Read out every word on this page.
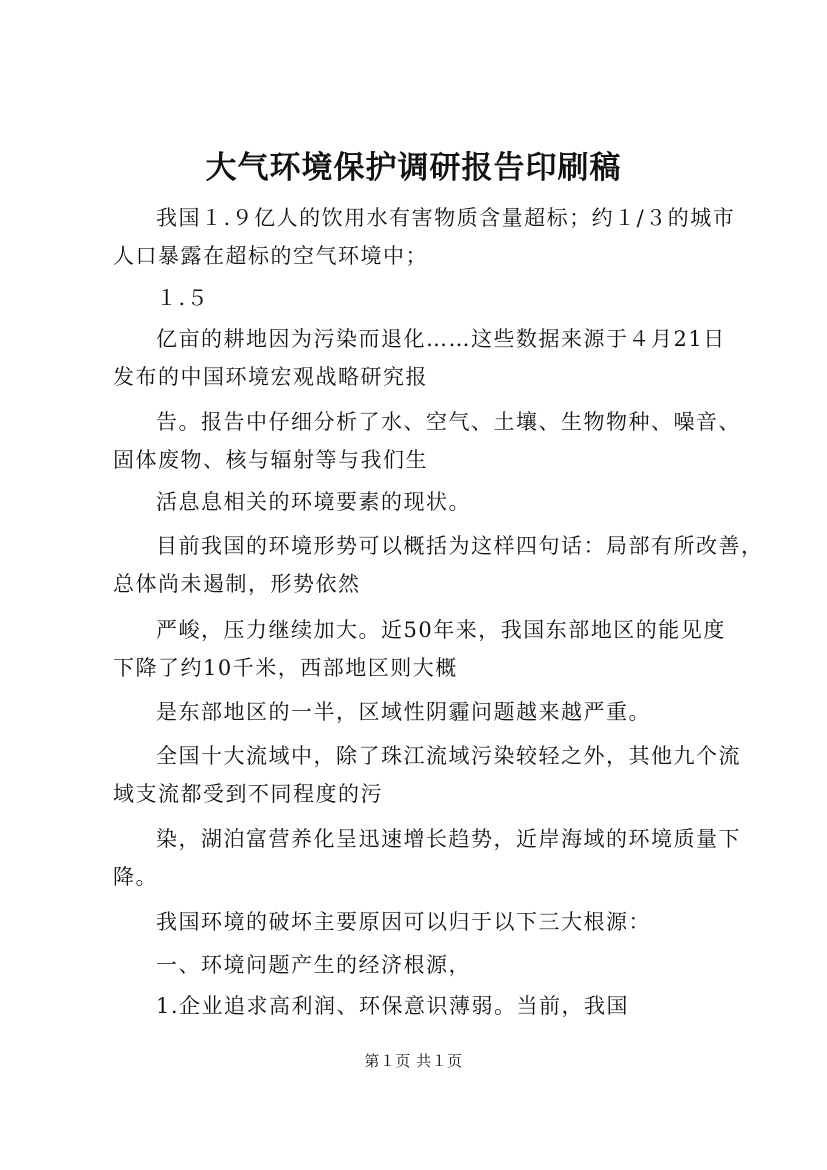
大气环境保护调研报告印刷稿

我国１.９亿人的饮用水有害物质含量超标；约１/３的城市
人口暴露在超标的空气环境中；

１.５

亿亩的耕地因为污染而退化……这些数据来源于４月21日
发布的中国环境宏观战略研究报

告。报告中仔细分析了水、空气、土壤、生物物种、噪音、
固体废物、核与辐射等与我们生

活息息相关的环境要素的现状。

目前我国的环境形势可以概括为这样四句话：局部有所改善，
总体尚未遏制，形势依然

严峻，压力继续加大。近50年来，我国东部地区的能见度
下降了约10千米，西部地区则大概

是东部地区的一半，区域性阴霾问题越来越严重。

全国十大流域中，除了珠江流域污染较轻之外，其他九个流
域支流都受到不同程度的污

染，湖泊富营养化呈迅速增长趋势，近岸海域的环境质量下
降。

我国环境的破坏主要原因可以归于以下三大根源：

一、环境问题产生的经济根源，

1.企业追求高利润、环保意识薄弱。当前，我国

第１页 共１页
